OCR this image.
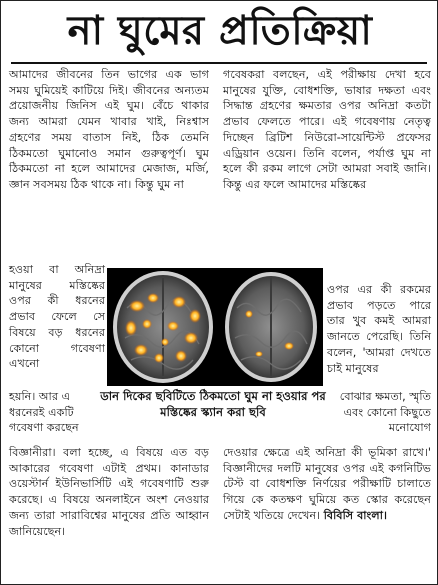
না ঘুমের প্রতিক্রিয়া

আমাদের জীবনের তিন ভাগের এক ভাগ সময় ঘুমিয়েই কাটিয়ে দিই। জীবনের অন্যতম প্রয়োজনীয় জিনিস এই ঘুম। বেঁচে থাকার জন্য আমরা যেমন খাবার খাই, নিঃশ্বাস গ্রহণের সময় বাতাস নিই, ঠিক তেমনি ঠিকমতো ঘুমানোও সমান গুরুত্বপূর্ণ। ঘুম ঠিকমতো না হলে আমাদের মেজাজ, মর্জি, জ্ঞান সবসময় ঠিক থাকে না। কিন্তু ঘুম না

গবেষকরা বলছেন, এই পরীক্ষায় দেখা হবে মানুষের যুক্তি, বোধশক্তি, ভাষার দক্ষতা এবং সিদ্ধান্ত গ্রহণের ক্ষমতার ওপর অনিদ্রা কতটা প্রভাব ফেলতে পারে। এই গবেষণায় নেতৃত্ব দিচ্ছেন ব্রিটিশ নিউরো-সায়েন্টিস্ট প্রফেসর এড্রিয়ান ওয়েন। তিনি বলেন, পর্যাপ্ত ঘুম না হলে কী রকম লাগে সেটা আমরা সবাই জানি। কিন্তু এর ফলে আমাদের মস্তিষ্কের

হওয়া বা অনিদ্রা মানুষের মস্তিষ্কের ওপর কী ধরনের প্রভাব ফেলে সে বিষয়ে বড় ধরনের কোনো গবেষণা এখনো

ওপর এর কী রকমের প্রভাব পড়তে পারে তার খুব কমই আমরা জানতে পেরেছি। তিনি বলেন, 'আমরা দেখতে চাই মানুষের

হয়নি। আর এ ধরনেরই একটি গবেষণা করছেন
ডান দিকের ছবিটিতে ঠিকমতো ঘুম না হওয়ার পর মস্তিষ্কের স্ক্যান করা ছবি
বোঝার ক্ষমতা, স্মৃতি এবং কোনো কিছুতে মনোযোগ

বিজ্ঞানীরা। বলা হচ্ছে, এ বিষয়ে এত বড় আকারের গবেষণা এটাই প্রথম। কানাডার ওয়েস্টার্ন ইউনিভার্সিটি এই গবেষণাটি শুরু করেছে। এ বিষয়ে অনলাইনে অংশ নেওয়ার জন্য তারা সারাবিশ্বের মানুষের প্রতি আহ্বান জানিয়েছেন।

দেওয়ার ক্ষেত্রে এই অনিদ্রা কী ভূমিকা রাখে।' বিজ্ঞানীদের দলটি মানুষের ওপর এই কগনিটিভ টেস্ট বা বোধশক্তি নির্ণয়ের পরীক্ষাটি চালাতে গিয়ে কে কতক্ষণ ঘুমিয়ে কত স্কোর করেছেন সেটাই খতিয়ে দেখেন। বিবিসি বাংলা।
